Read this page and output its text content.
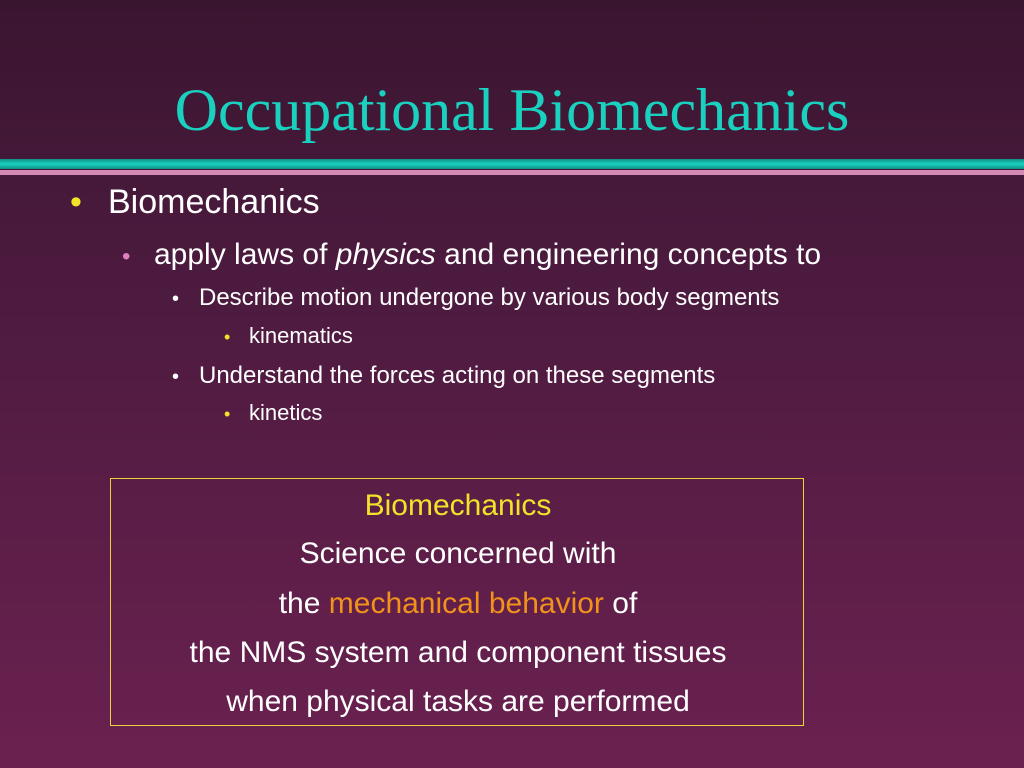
Occupational Biomechanics
• Biomechanics
• apply laws of physics and engineering concepts to
• Describe motion undergone by various body segments
• kinematics
• Understand the forces acting on these segments
• kinetics
Biomechanics
Science concerned with
the mechanical behavior of
the NMS system and component tissues
when physical tasks are performed
